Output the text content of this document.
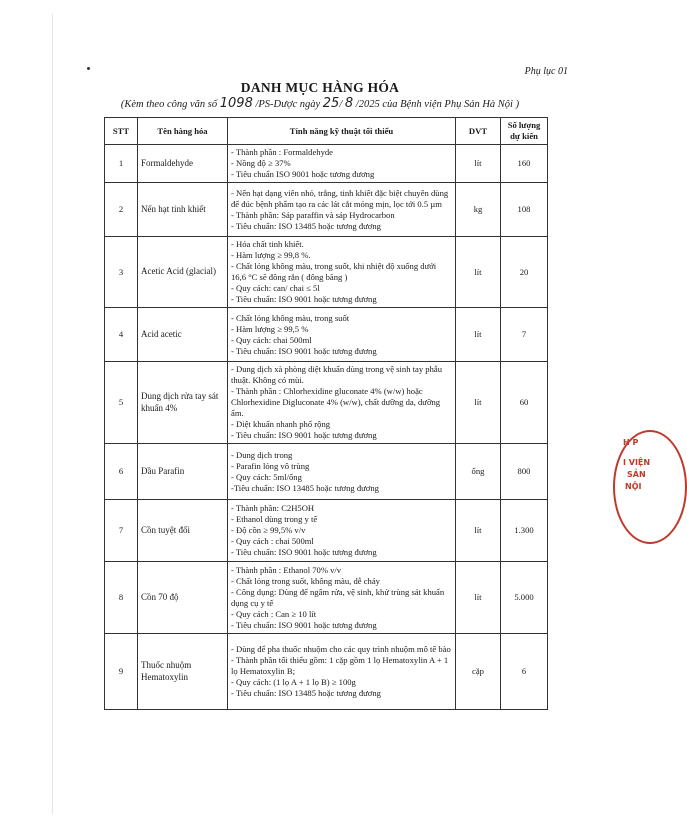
Phụ lục 01
DANH MỤC HÀNG HÓA
(Kèm theo công văn số 1098 /PS-Dược ngày 25/ 8 /2025 của Bệnh viện Phụ Sản Hà Nội )
STT	Tên hàng hóa	Tính năng kỹ thuật tối thiểu	DVT	Số lượng dự kiến
1	Formaldehyde	- Thành phần : Formaldehyde
- Nồng độ ≥ 37%
- Tiêu chuẩn ISO 9001 hoặc tương đương	lít	160
2	Nến hạt tinh khiết	- Nến hạt dạng viên nhỏ, trắng, tinh khiết đặc biệt chuyên dùng để đúc bệnh phẩm tạo ra các lát cắt mỏng mịn, lọc tới 0.5 µm
- Thành phần: Sáp paraffin và sáp Hydrocarbon
- Tiêu chuẩn: ISO 13485 hoặc tương đương	kg	108
3	Acetic Acid (glacial)	- Hóa chất tinh khiết.
- Hàm lượng ≥ 99,8 %.
- Chất lỏng không màu, trong suốt, khi nhiệt độ xuống dưới 16,6 °C sẽ đông rắn ( đông băng )
- Quy cách: can/ chai ≤ 5l
- Tiêu chuẩn: ISO 9001 hoặc tương đương	lít	20
4	Acid acetic	- Chất lỏng không màu, trong suốt
- Hàm lượng ≥ 99,5 %
- Quy cách: chai 500ml
- Tiêu chuẩn: ISO 9001 hoặc tương đương	lít	7
5	Dung dịch rửa tay sát khuẩn 4%	- Dung dịch xà phòng diệt khuẩn dùng trong vệ sinh tay phẫu thuật. Không có mùi.
- Thành phần : Chlorhexidine gluconate 4% (w/w) hoặc Chlorhexidine Digluconate 4% (w/w), chất dưỡng da, dưỡng ẩm.
- Diệt khuẩn nhanh phổ rộng
- Tiêu chuẩn: ISO 9001 hoặc tương đương	lít	60
6	Dầu Parafin	- Dung dịch trong
- Parafin lỏng vô trùng
- Quy cách: 5ml/ống
-Tiêu chuẩn: ISO 13485 hoặc tương đương	ống	800
7	Cồn tuyệt đối	- Thành phần: C2H5OH
- Ethanol dùng trong y tế
- Độ cồn ≥ 99,5% v/v
- Quy cách : chai 500ml
- Tiêu chuẩn: ISO 9001 hoặc tương đương	lít	1.300
8	Cồn 70 độ	- Thành phần : Ethanol 70% v/v
- Chất lỏng trong suốt, không màu, dễ cháy
- Công dụng: Dùng để ngâm rửa, vệ sinh, khử trùng sát khuẩn dụng cụ y tế
- Quy cách : Can ≥ 10 lít
- Tiêu chuẩn: ISO 9001 hoặc tương đương	lít	5.000
9	Thuốc nhuộm Hematoxylin	- Dùng để pha thuốc nhuộm cho các quy trình nhuộm mô tế bào
- Thành phần tối thiểu gồm: 1 cặp gồm 1 lọ Hematoxylin A + 1 lọ Hematoxylin B;
- Quy cách: (1 lọ A + 1 lọ B) ≥ 100g
- Tiêu chuẩn: ISO 13485 hoặc tương đương	cặp	6
H P
I VIỆN
SẢN
NỘI
